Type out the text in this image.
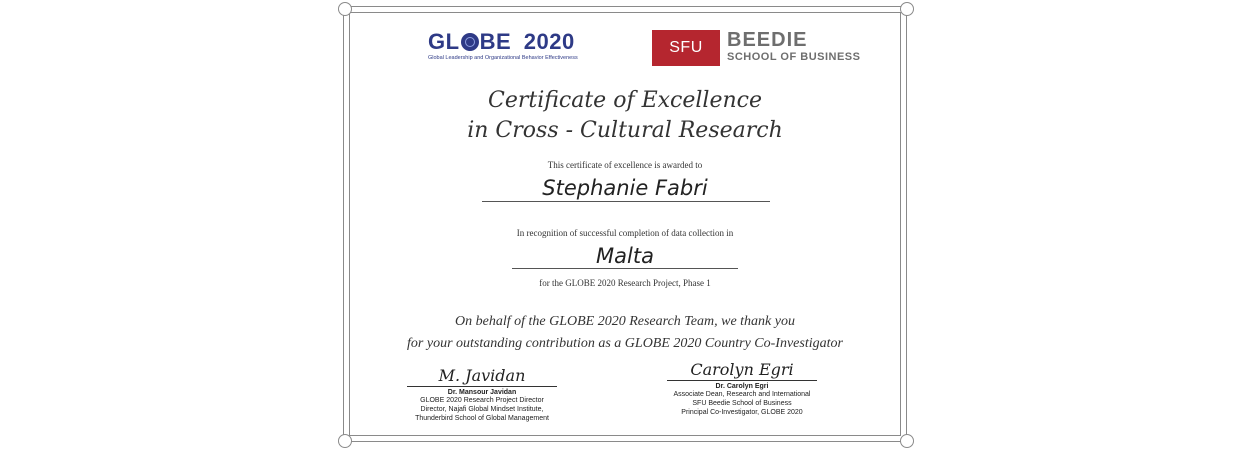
GL BE 2020
Global Leadership and Organizational Behavior Effectiveness
SFU	BEEDIE
SCHOOL OF BUSINESS
Certificate of Excellence
in Cross - Cultural Research
This certificate of excellence is awarded to
Stephanie Fabri
In recognition of successful completion of data collection in
Malta
for the GLOBE 2020 Research Project, Phase 1
On behalf of the GLOBE 2020 Research Team, we thank you
for your outstanding contribution as a GLOBE 2020 Country Co-Investigator
M. Javidan
Dr. Mansour Javidan
GLOBE 2020 Research Project Director
Director, Najafi Global Mindset Institute,
Thunderbird School of Global Management
Carolyn Egri
Dr. Carolyn Egri
Associate Dean, Research and International
SFU Beedie School of Business
Principal Co-Investigator, GLOBE 2020
